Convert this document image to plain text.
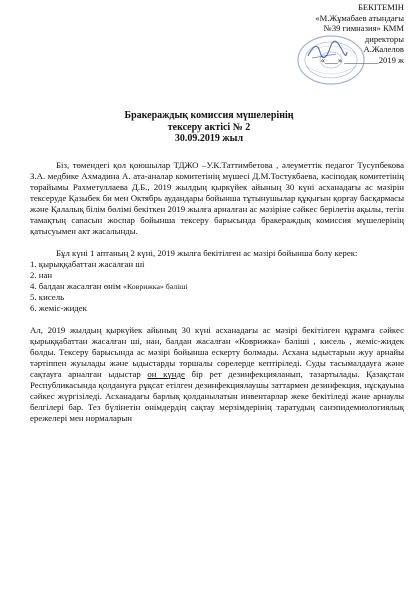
БЕКІТЕМІН
«М.Жұмабаев атындағы
№39 гимназия» КММ
директоры
А.Жалелов
«___» ________2019 ж
Бракераждық комиссия мүшелерінің
тексеру актісі № 2
30.09.2019 жыл

Біз, төмендегі қол қоюшылар ТДЖО –У.К.Таттимбетова , әлеуметтік педагог Тусупбекова З.А. медбике Ахмадина А. ата-аналар комитетінің мүшесі Д.М.Тостукбаева, кәсіподақ комитетінің төрайымы Рахметуллаева Д.Б., 2019 жылдың қыркүйек айының 30 күні асханадағы ас мәзірін тексеруде Қазыбек би мен Октябрь аудандары бойынша тұтынушылар құқығын қорғау басқармасы және Қалалық білім бөлімі бекіткен 2019 жылға арналған ас мәзіріне сәйкес берілетін ақылы, тегін тамақтың сапасын жоспар бойынша тексеру барысында бракераждық комиссия мүшелерінің қатысуымен акт жасалынды.

Бұл күні 1 аптаның 2 күні, 2019 жылға бекітілген ас мәзірі бойынша болу керек:

1. қырыққабаттан жасалған шi

2. нан

4. балдан жасалған өнім «Коврижка» бәліші

5. кисель

6. жеміс-жидек

Ал, 2019 жылдың қыркүйек айының 30 күні асханадағы ас мәзірі бекітілген құрамға сәйкес қырыққабаттан жасалған шi, нан, балдан жасалған «Коврижка» бәліші , кисель , жеміс-жидек болды. Тексеру барысында ас мәзірі бойынша ескерту болмады. Асхана ыдыстарын жуу арнайы тәртіппен жуылады және ыдыстарды торшалы сөрелерде кептіріледі. Суды тасымалдауға және сақтауға арналған ыдыстар он күнде бір рет дезинфекцияланып, тазартылады. Қазақстан Республикасында қолдануға рұқсат етілген дезинфекциялаушы заттармен дезинфекция, нұсқауына сәйкес жүргізіледі. Асханадағы барлық қолданылатын инвентарлар жеке бекітіледі және арнаулы белгілері бар. Тез бүлінетін өнімдердің сақтау мерзімдерінің таратудың санэпидемиологиялық ережелері мен нормаларын
